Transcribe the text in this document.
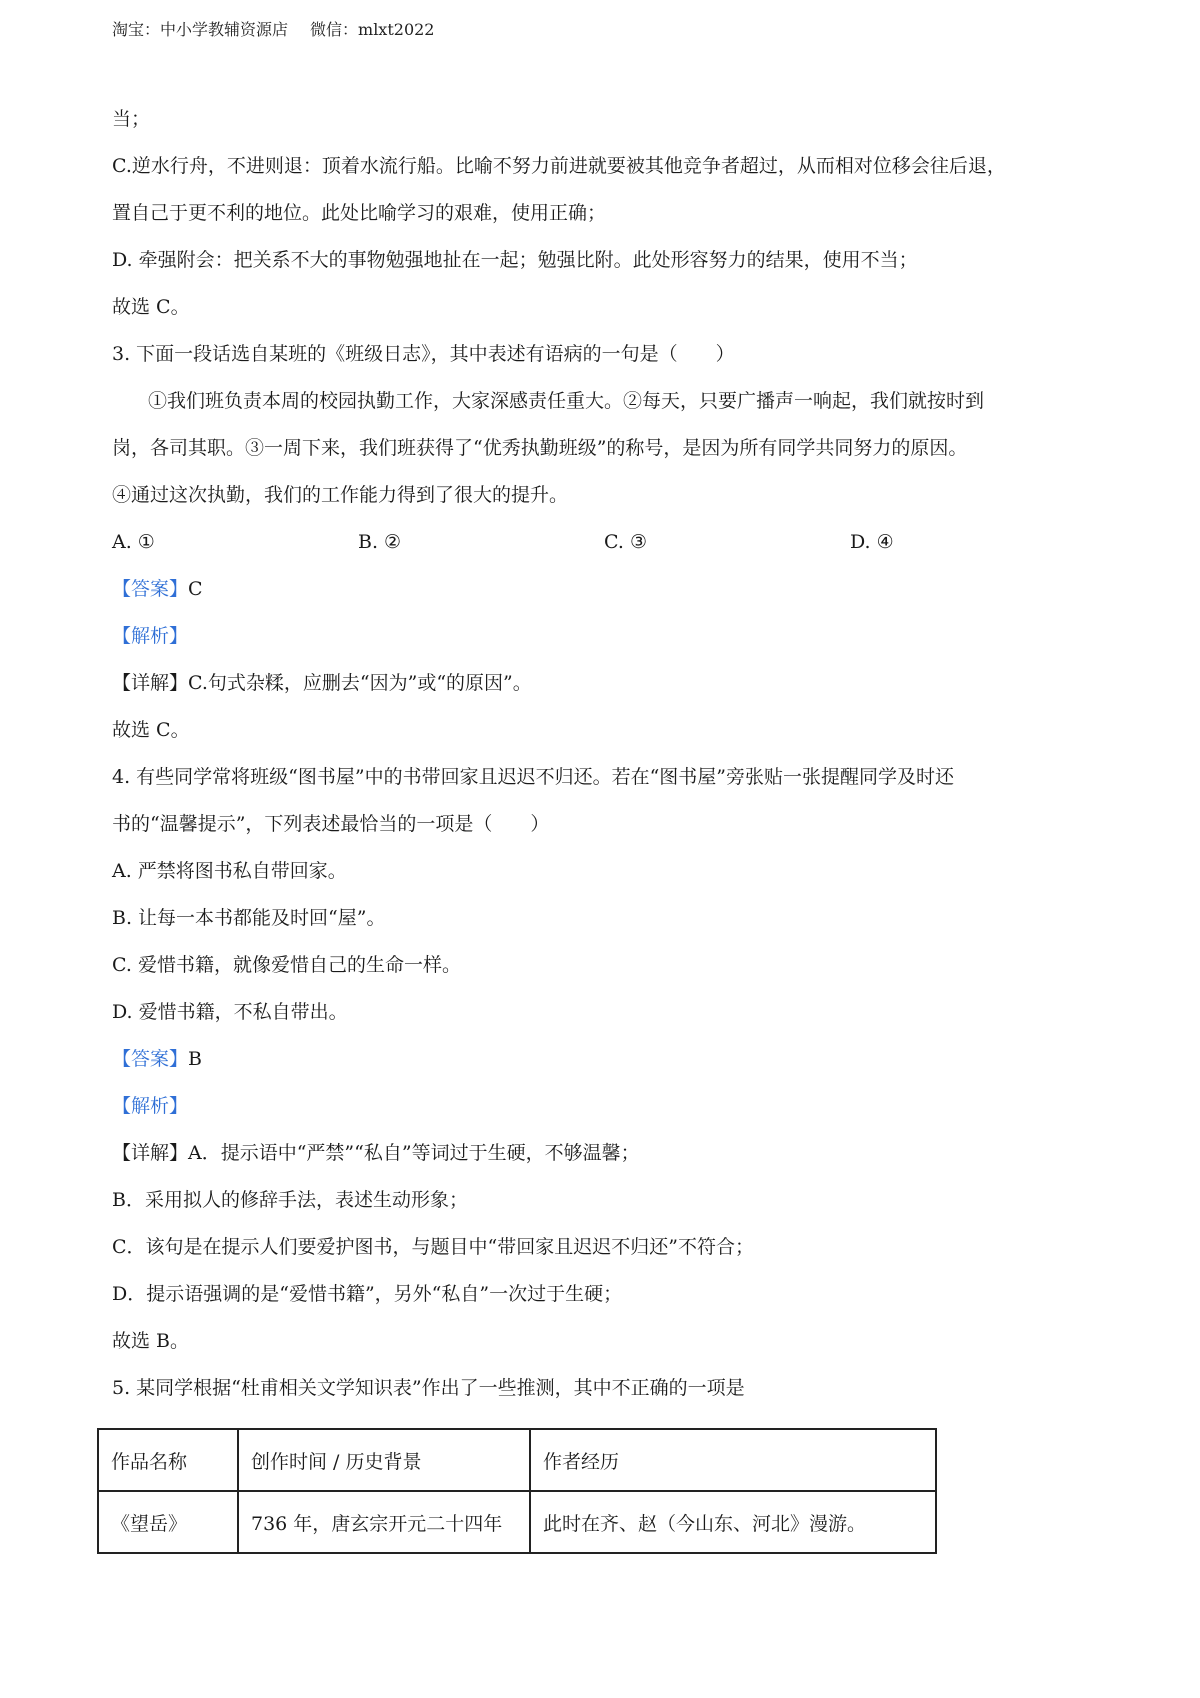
淘宝：中小学教辅资源店 微信：mlxt2022
当；
C.逆水行舟，不进则退：顶着水流行船。比喻不努力前进就要被其他竞争者超过，从而相对位移会往后退，
置自己于更不利的地位。此处比喻学习的艰难，使用正确；
D. 牵强附会：把关系不大的事物勉强地扯在一起；勉强比附。此处形容努力的结果，使用不当；
故选 C。
3. 下面一段话选自某班的《班级日志》，其中表述有语病的一句是（　　）
①我们班负责本周的校园执勤工作，大家深感责任重大。②每天，只要广播声一响起，我们就按时到
岗，各司其职。③一周下来，我们班获得了“优秀执勤班级”的称号，是因为所有同学共同努力的原因。
④通过这次执勤，我们的工作能力得到了很大的提升。
A. ①	B. ②	C. ③	D. ④
【答案】C
【解析】
【详解】C.句式杂糅，应删去“因为”或“的原因”。
故选 C。
4. 有些同学常将班级“图书屋”中的书带回家且迟迟不归还。若在“图书屋”旁张贴一张提醒同学及时还
书的“温馨提示”，下列表述最恰当的一项是（　　）
A. 严禁将图书私自带回家。
B. 让每一本书都能及时回“屋”。
C. 爱惜书籍，就像爱惜自己的生命一样。
D. 爱惜书籍，不私自带出。
【答案】B
【解析】
【详解】A．提示语中“严禁”“私自”等词过于生硬，不够温馨；
B．采用拟人的修辞手法，表述生动形象；
C．该句是在提示人们要爱护图书，与题目中“带回家且迟迟不归还”不符合；
D．提示语强调的是“爱惜书籍”，另外“私自”一次过于生硬；
故选 B。
5. 某同学根据“杜甫相关文学知识表”作出了一些推测，其中不正确的一项是
作品名称	创作时间 / 历史背景	作者经历
《望岳》	736 年，唐玄宗开元二十四年	此时在齐、赵（今山东、河北》漫游。
